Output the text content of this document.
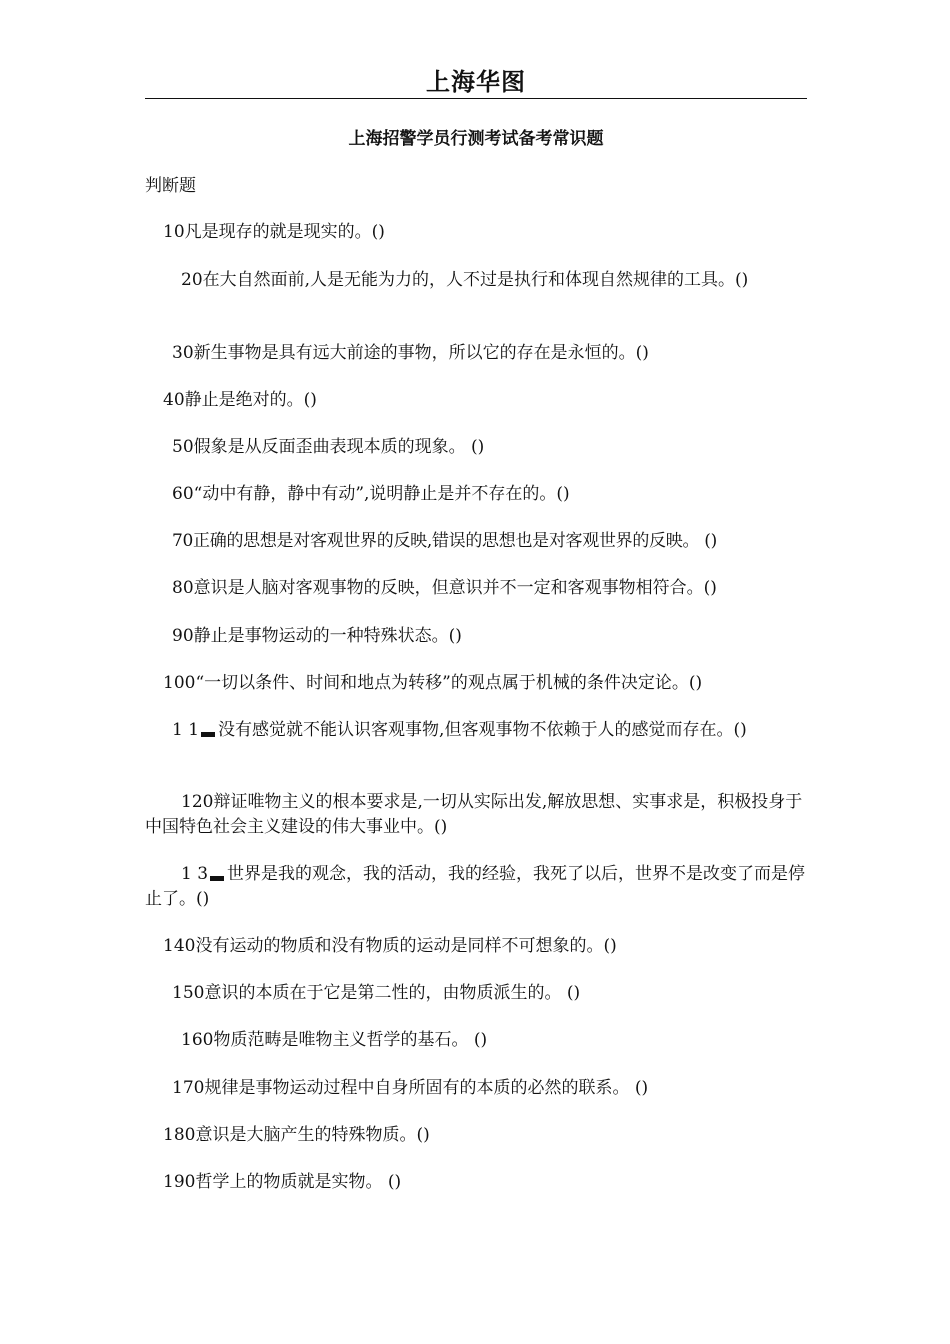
上海华图
上海招警学员行测考试备考常识题
判断题
10凡是现存的就是现实的。()
20在大自然面前,人是无能为力的，人不过是执行和体现自然规律的工具。()
30新生事物是具有远大前途的事物，所以它的存在是永恒的。()
40静止是绝对的。()
50假象是从反面歪曲表现本质的现象。 ()
60“动中有静，静中有动”,说明静止是并不存在的。()
70正确的思想是对客观世界的反映,错误的思想也是对客观世界的反映。 ()
80意识是人脑对客观事物的反映，但意识并不一定和客观事物相符合。()
90静止是事物运动的一种特殊状态。()
100“一切以条件、时间和地点为转移”的观点属于机械的条件决定论。()
1 1 没有感觉就不能认识客观事物,但客观事物不依赖于人的感觉而存在。()
120辩证唯物主义的根本要求是,一切从实际出发,解放思想、实事求是，积极投身于中国特色社会主义建设的伟大事业中。()
1 3 世界是我的观念，我的活动，我的经验，我死了以后，世界不是改变了而是停止了。()
140没有运动的物质和没有物质的运动是同样不可想象的。()
150意识的本质在于它是第二性的，由物质派生的。 ()
160物质范畴是唯物主义哲学的基石。 ()
170规律是事物运动过程中自身所固有的本质的必然的联系。 ()
180意识是大脑产生的特殊物质。()
190哲学上的物质就是实物。 ()
